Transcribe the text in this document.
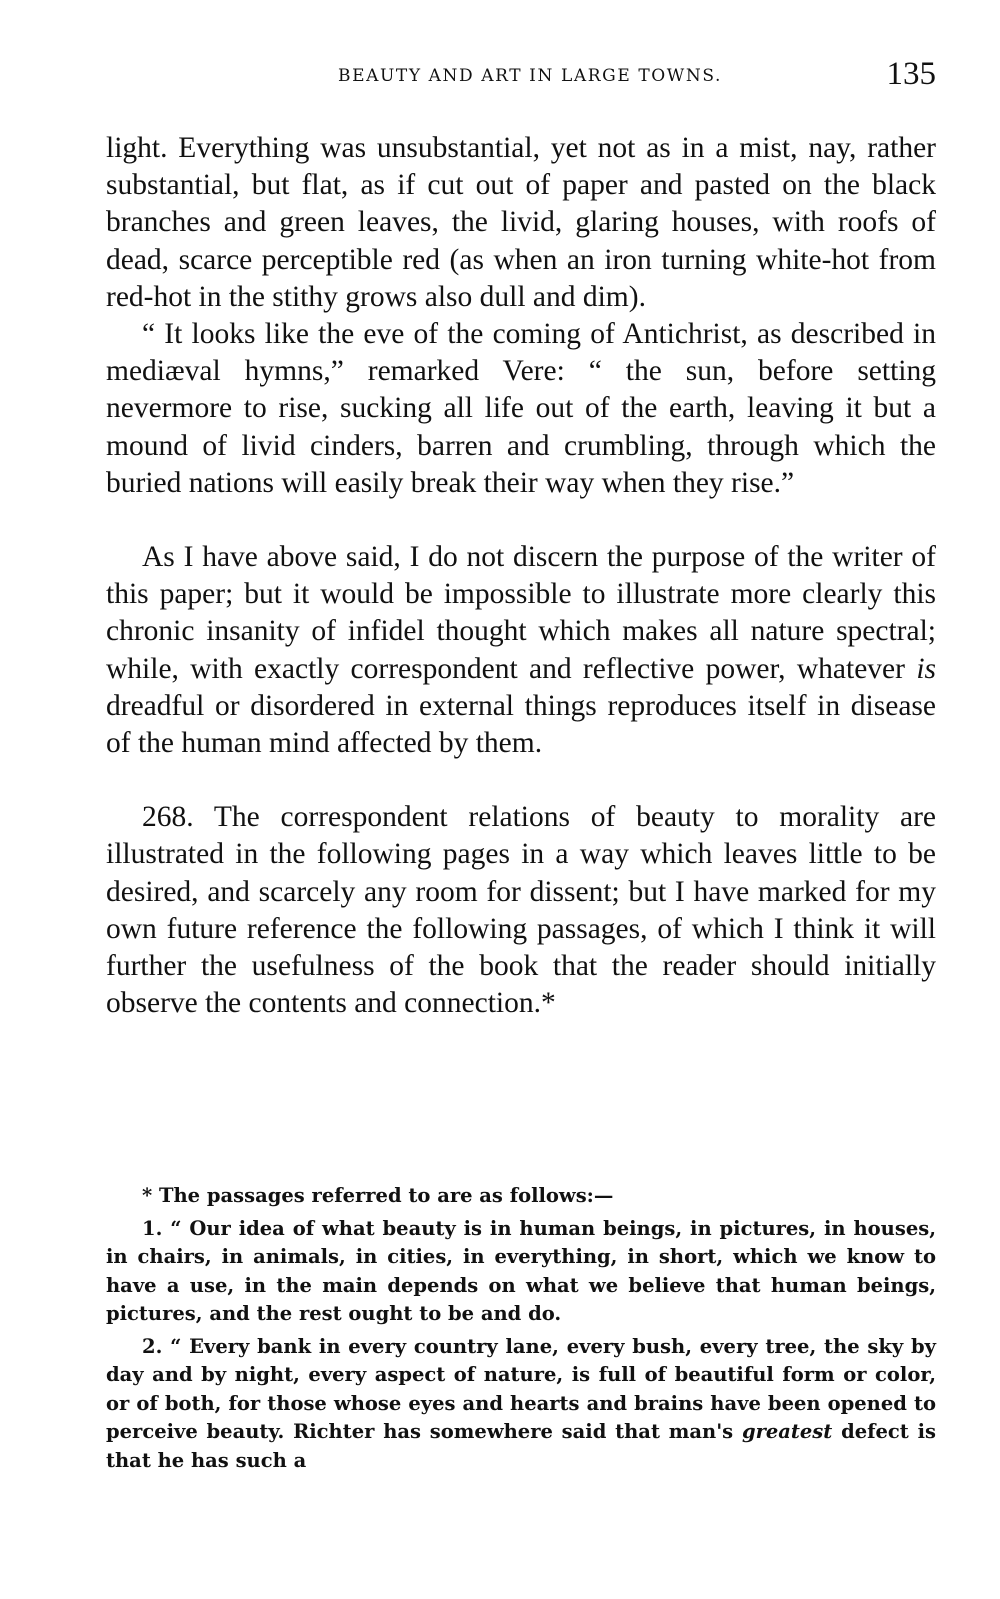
BEAUTY AND ART IN LARGE TOWNS.	135

light. Everything was unsubstantial, yet not as in a mist, nay, rather substantial, but flat, as if cut out of paper and pasted on the black branches and green leaves, the livid, glaring houses, with roofs of dead, scarce perceptible red (as when an iron turning white-hot from red-hot in the stithy grows also dull and dim).

“ It looks like the eve of the coming of Antichrist, as described in mediæval hymns,” remarked Vere: “ the sun, before setting nevermore to rise, sucking all life out of the earth, leaving it but a mound of livid cinders, barren and crumbling, through which the buried nations will easily break their way when they rise.”

As I have above said, I do not discern the purpose of the writer of this paper; but it would be impossible to illustrate more clearly this chronic insanity of infidel thought which makes all nature spectral; while, with exactly correspondent and reflective power, whatever is dreadful or disordered in external things reproduces itself in disease of the human mind affected by them.

268. The correspondent relations of beauty to morality are illustrated in the following pages in a way which leaves little to be desired, and scarcely any room for dissent; but I have marked for my own future reference the following passages, of which I think it will further the usefulness of the book that the reader should initially observe the contents and connection.*

* The passages referred to are as follows:—

1. “ Our idea of what beauty is in human beings, in pictures, in houses, in chairs, in animals, in cities, in everything, in short, which we know to have a use, in the main depends on what we believe that human beings, pictures, and the rest ought to be and do.

2. “ Every bank in every country lane, every bush, every tree, the sky by day and by night, every aspect of nature, is full of beautiful form or color, or of both, for those whose eyes and hearts and brains have been opened to perceive beauty. Richter has somewhere said that man's greatest defect is that he has such a
